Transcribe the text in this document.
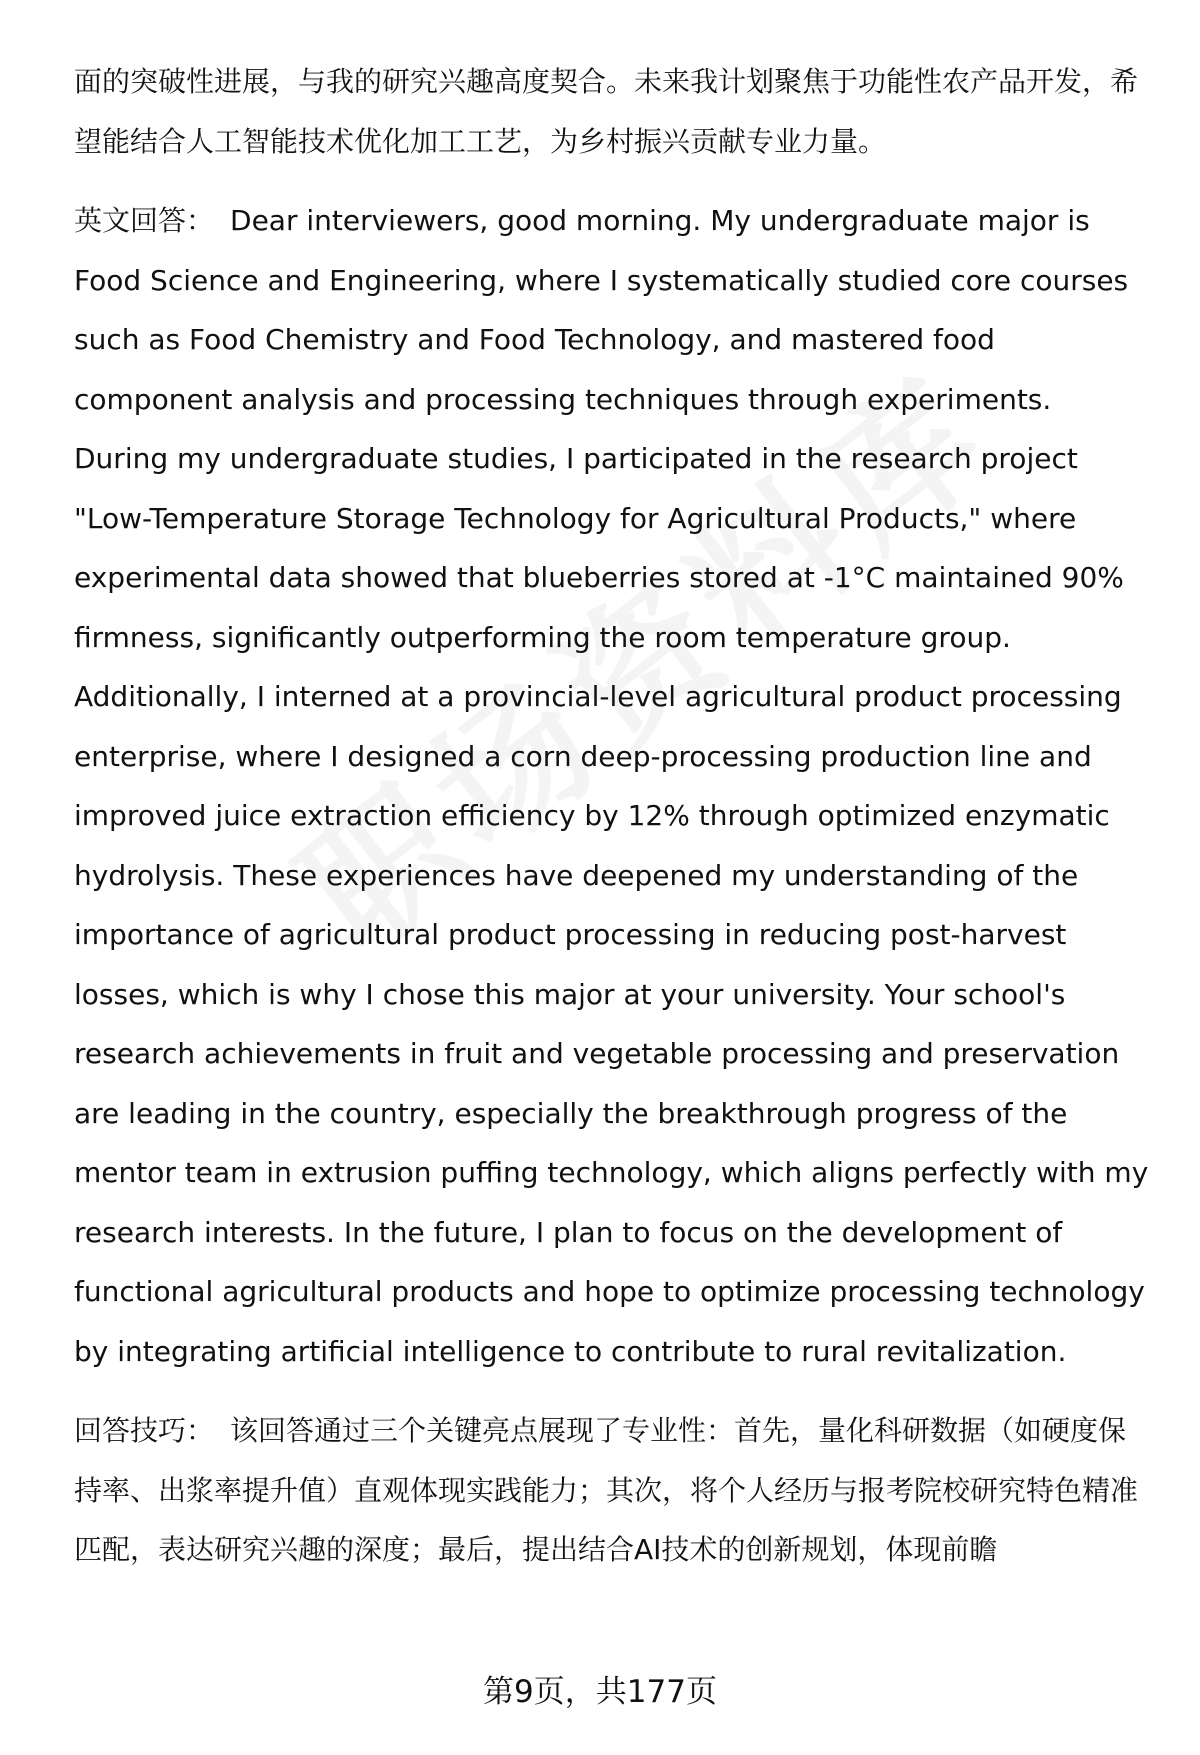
面的突破性进展，与我的研究兴趣高度契合。未来我计划聚焦于功能性农产品开发，希望能结合人工智能技术优化加工工艺，为乡村振兴贡献专业力量。

英文回答： Dear interviewers, good morning. My undergraduate major is Food Science and Engineering, where I systematically studied core courses such as Food Chemistry and Food Technology, and mastered food component analysis and processing techniques through experiments. During my undergraduate studies, I participated in the research project "Low-Temperature Storage Technology for Agricultural Products," where experimental data showed that blueberries stored at -1°C maintained 90% firmness, significantly outperforming the room temperature group. Additionally, I interned at a provincial-level agricultural product processing enterprise, where I designed a corn deep-processing production line and improved juice extraction efficiency by 12% through optimized enzymatic hydrolysis. These experiences have deepened my understanding of the importance of agricultural product processing in reducing post-harvest losses, which is why I chose this major at your university. Your school's research achievements in fruit and vegetable processing and preservation are leading in the country, especially the breakthrough progress of the mentor team in extrusion puffing technology, which aligns perfectly with my research interests. In the future, I plan to focus on the development of functional agricultural products and hope to optimize processing technology by integrating artificial intelligence to contribute to rural revitalization.

回答技巧： 该回答通过三个关键亮点展现了专业性：首先，量化科研数据（如硬度保持率、出浆率提升值）直观体现实践能力；其次，将个人经历与报考院校研究特色精准匹配，表达研究兴趣的深度；最后，提出结合AI技术的创新规划，体现前瞻

第9页，共177页
